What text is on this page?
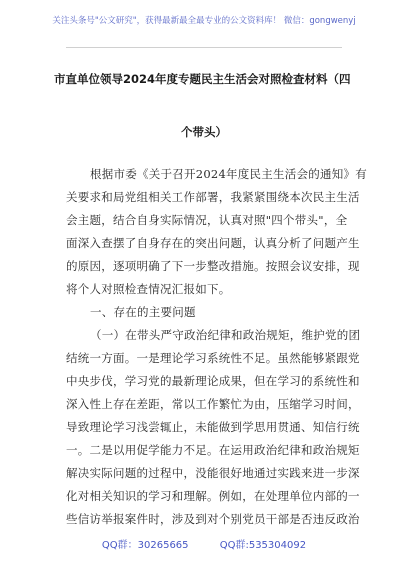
关注头条号"公文研究"，获得最新最全最专业的公文资料库！ 微信：gongwenyj
市直单位领导2024年度专题民主生活会对照检查材料（四
个带头）
根据市委《关于召开2024年度民主生活会的通知》有
关要求和局党组相关工作部署，我紧紧围绕本次民主生活
会主题，结合自身实际情况，认真对照"四个带头"，全
面深入查摆了自身存在的突出问题，认真分析了问题产生
的原因，逐项明确了下一步整改措施。按照会议安排，现
将个人对照检查情况汇报如下。
一、存在的主要问题
（一）在带头严守政治纪律和政治规矩，维护党的团
结统一方面。一是理论学习系统性不足。虽然能够紧跟党
中央步伐，学习党的最新理论成果，但在学习的系统性和
深入性上存在差距，常以工作繁忙为由，压缩学习时间，
导致理论学习浅尝辄止，未能做到学思用贯通、知信行统
一。二是以用促学能力不足。在运用政治纪律和政治规矩
解决实际问题的过程中，没能很好地通过实践来进一步深
化对相关知识的学习和理解。例如，在处理单位内部的一
些信访举报案件时，涉及到对个别党员干部是否违反政治
QQ群：30265665	QQ群:535304092
